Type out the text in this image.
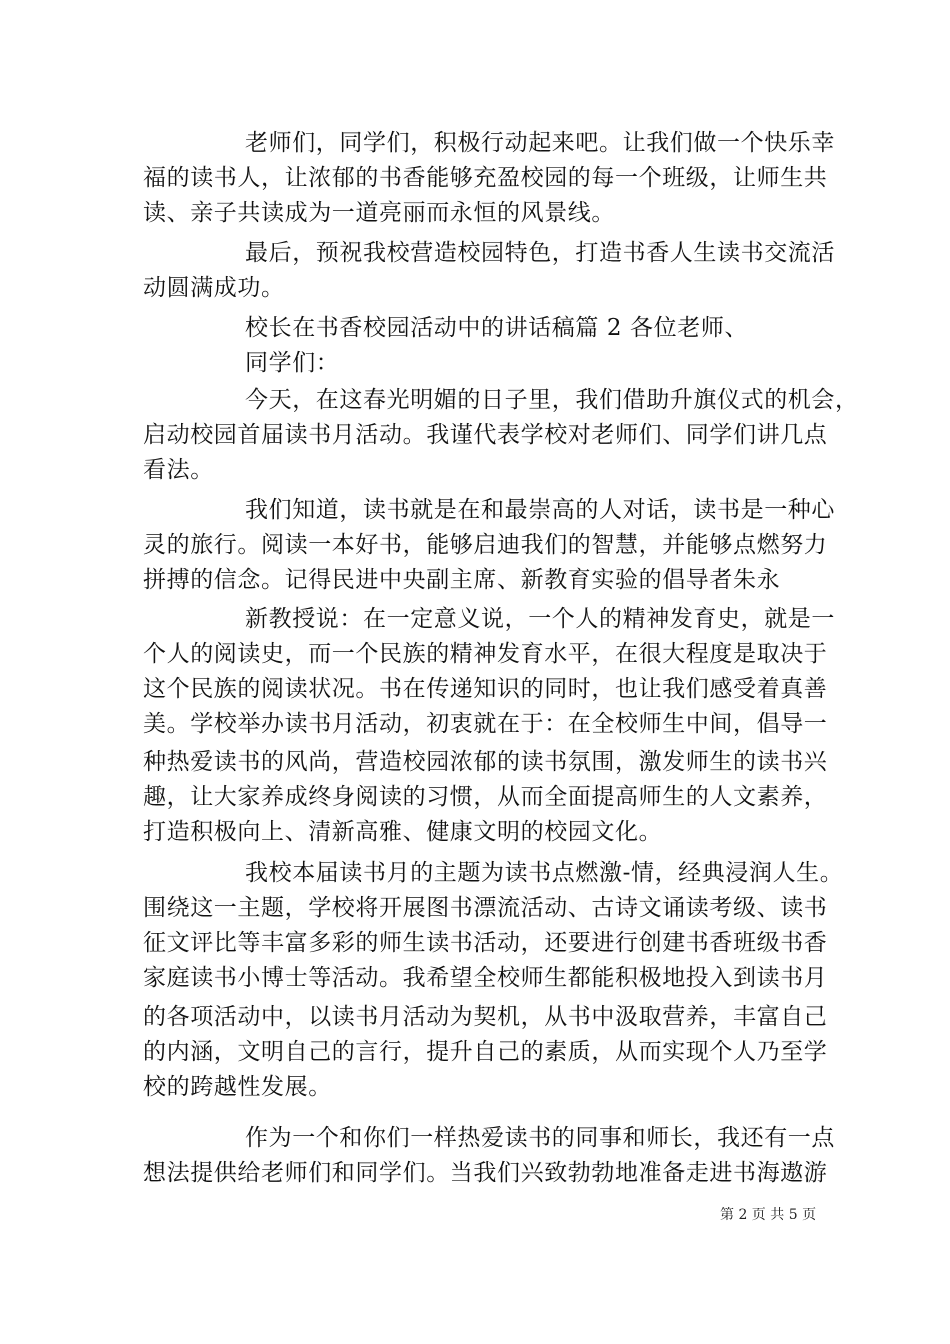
老师们，同学们，积极行动起来吧。让我们做一个快乐幸
福的读书人，让浓郁的书香能够充盈校园的每一个班级，让师生共
读、亲子共读成为一道亮丽而永恒的风景线。
最后，预祝我校营造校园特色，打造书香人生读书交流活
动圆满成功。
校长在书香校园活动中的讲话稿篇 2 各位老师、
同学们：
今天，在这春光明媚的日子里，我们借助升旗仪式的机会，
启动校园首届读书月活动。我谨代表学校对老师们、同学们讲几点
看法。
我们知道，读书就是在和最崇高的人对话，读书是一种心
灵的旅行。阅读一本好书，能够启迪我们的智慧，并能够点燃努力
拼搏的信念。记得民进中央副主席、新教育实验的倡导者朱永
新教授说：在一定意义说，一个人的精神发育史，就是一
个人的阅读史，而一个民族的精神发育水平，在很大程度是取决于
这个民族的阅读状况。书在传递知识的同时，也让我们感受着真善
美。学校举办读书月活动，初衷就在于：在全校师生中间，倡导一
种热爱读书的风尚，营造校园浓郁的读书氛围，激发师生的读书兴
趣，让大家养成终身阅读的习惯，从而全面提高师生的人文素养，
打造积极向上、清新高雅、健康文明的校园文化。
我校本届读书月的主题为读书点燃激-情，经典浸润人生。
围绕这一主题，学校将开展图书漂流活动、古诗文诵读考级、读书
征文评比等丰富多彩的师生读书活动，还要进行创建书香班级书香
家庭读书小博士等活动。我希望全校师生都能积极地投入到读书月
的各项活动中，以读书月活动为契机，从书中汲取营养，丰富自己
的内涵，文明自己的言行，提升自己的素质，从而实现个人乃至学
校的跨越性发展。
作为一个和你们一样热爱读书的同事和师长，我还有一点
想法提供给老师们和同学们。当我们兴致勃勃地准备走进书海遨游
第 2 页 共 5 页
